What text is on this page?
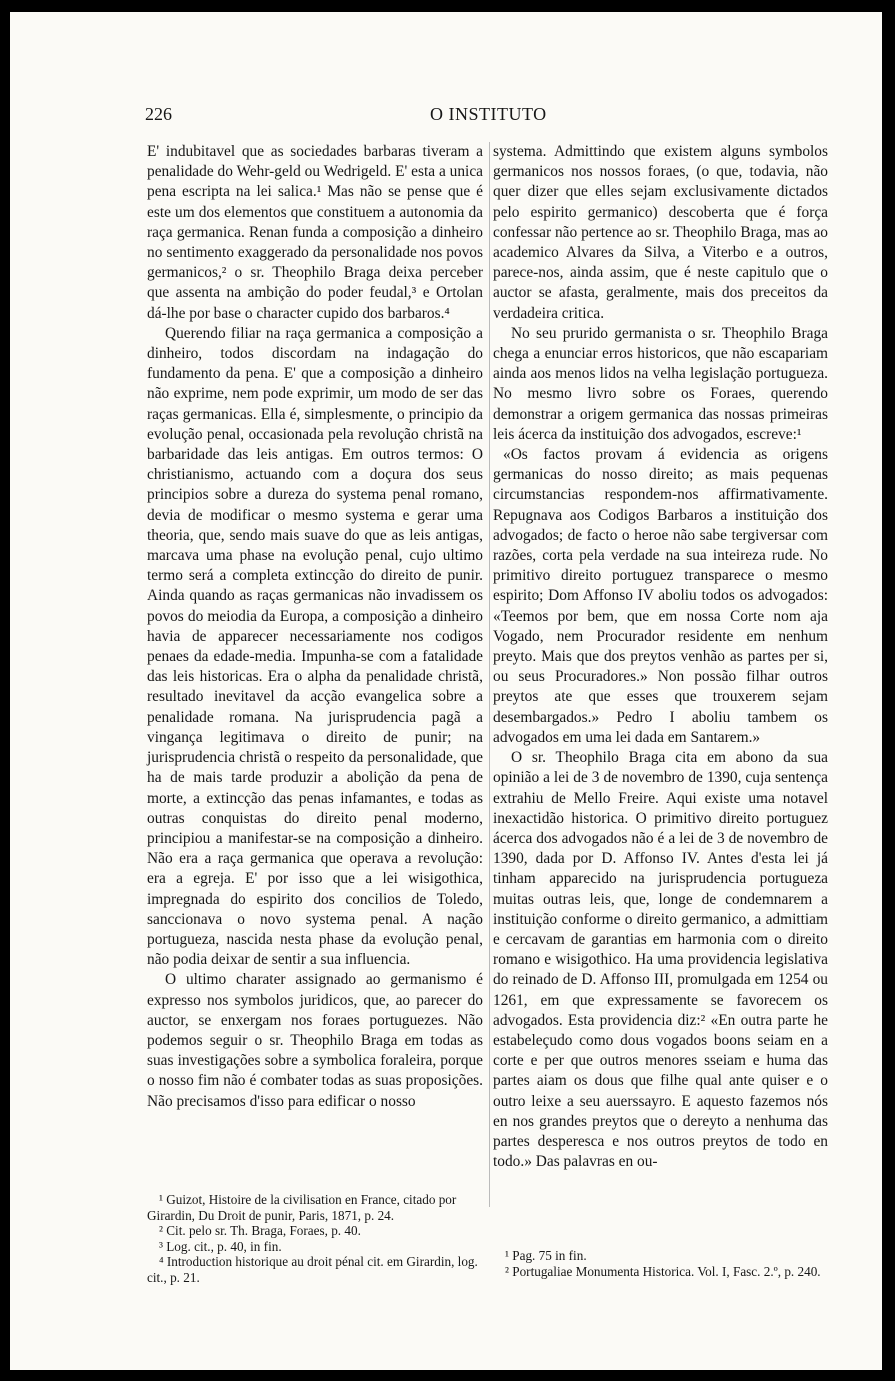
226	O INSTITUTO

E' indubitavel que as sociedades barbaras tiveram a penalidade do Wehr-geld ou Wedrigeld. E' esta a unica pena escripta na lei salica.¹ Mas não se pense que é este um dos elementos que constituem a autonomia da raça germanica. Renan funda a composição a dinheiro no sentimento exaggerado da personalidade nos povos germanicos,² o sr. Theophilo Braga deixa perceber que assenta na ambição do poder feudal,³ e Ortolan dá-lhe por base o character cupido dos barbaros.⁴

Querendo filiar na raça germanica a composição a dinheiro, todos discordam na indagação do fundamento da pena. E' que a composição a dinheiro não exprime, nem pode exprimir, um modo de ser das raças germanicas. Ella é, simplesmente, o principio da evolução penal, occasionada pela revolução christã na barbaridade das leis antigas. Em outros termos: O christianismo, actuando com a doçura dos seus principios sobre a dureza do systema penal romano, devia de modificar o mesmo systema e gerar uma theoria, que, sendo mais suave do que as leis antigas, marcava uma phase na evolução penal, cujo ultimo termo será a completa extincção do direito de punir. Ainda quando as raças germanicas não invadissem os povos do meiodia da Europa, a composição a dinheiro havia de apparecer necessariamente nos codigos penaes da edade-media. Impunha-se com a fatalidade das leis historicas. Era o alpha da penalidade christã, resultado inevitavel da acção evangelica sobre a penalidade romana. Na jurisprudencia pagã a vingança legitimava o direito de punir; na jurisprudencia christã o respeito da personalidade, que ha de mais tarde produzir a abolição da pena de morte, a extincção das penas infamantes, e todas as outras conquistas do direito penal moderno, principiou a manifestar-se na composição a dinheiro. Não era a raça germanica que operava a revolução: era a egreja. E' por isso que a lei wisigothica, impregnada do espirito dos concilios de Toledo, sanccionava o novo systema penal. A nação portugueza, nascida nesta phase da evolução penal, não podia deixar de sentir a sua influencia.

O ultimo charater assignado ao germanismo é expresso nos symbolos juridicos, que, ao parecer do auctor, se enxergam nos foraes portuguezes. Não podemos seguir o sr. Theophilo Braga em todas as suas investigações sobre a symbolica foraleira, porque o nosso fim não é combater todas as suas proposições. Não precisamos d'isso para edificar o nosso

systema. Admittindo que existem alguns symbolos germanicos nos nossos foraes, (o que, todavia, não quer dizer que elles sejam exclusivamente dictados pelo espirito germanico) descoberta que é força confessar não pertence ao sr. Theophilo Braga, mas ao academico Alvares da Silva, a Viterbo e a outros, parece-nos, ainda assim, que é neste capitulo que o auctor se afasta, geralmente, mais dos preceitos da verdadeira critica.

No seu prurido germanista o sr. Theophilo Braga chega a enunciar erros historicos, que não escapariam ainda aos menos lidos na velha legislação portugueza. No mesmo livro sobre os Foraes, querendo demonstrar a origem germanica das nossas primeiras leis ácerca da instituição dos advogados, escreve:¹

«Os factos provam á evidencia as origens germanicas do nosso direito; as mais pequenas circumstancias respondem-nos affirmativamente. Repugnava aos Codigos Barbaros a instituição dos advogados; de facto o heroe não sabe tergiversar com razões, corta pela verdade na sua inteireza rude. No primitivo direito portuguez transparece o mesmo espirito; Dom Affonso IV aboliu todos os advogados: «Teemos por bem, que em nossa Corte nom aja Vogado, nem Procurador residente em nenhum preyto. Mais que dos preytos venhão as partes per si, ou seus Procuradores.» Non possão filhar outros preytos ate que esses que trouxerem sejam desembargados.» Pedro I aboliu tambem os advogados em uma lei dada em Santarem.»

O sr. Theophilo Braga cita em abono da sua opinião a lei de 3 de novembro de 1390, cuja sentença extrahiu de Mello Freire. Aqui existe uma notavel inexactidão historica. O primitivo direito portuguez ácerca dos advogados não é a lei de 3 de novembro de 1390, dada por D. Affonso IV. Antes d'esta lei já tinham apparecido na jurisprudencia portugueza muitas outras leis, que, longe de condemnarem a instituição conforme o direito germanico, a admittiam e cercavam de garantias em harmonia com o direito romano e wisigothico. Ha uma providencia legislativa do reinado de D. Affonso III, promulgada em 1254 ou 1261, em que expressamente se favorecem os advogados. Esta providencia diz:² «En outra parte he estabeleçudo como dous vogados boons seiam en a corte e per que outros menores sseiam e huma das partes aiam os dous que filhe qual ante quiser e o outro leixe a seu auerssayro. E aquesto fazemos nós en nos grandes preytos que o dereyto a nenhuma das partes desperesca e nos outros preytos de todo en todo.» Das palavras en ou-

¹ Guizot, Histoire de la civilisation en France, citado por Girardin, Du Droit de punir, Paris, 1871, p. 24.

² Cit. pelo sr. Th. Braga, Foraes, p. 40.

³ Log. cit., p. 40, in fin.

⁴ Introduction historique au droit pénal cit. em Girardin, log. cit., p. 21.

¹ Pag. 75 in fin.

² Portugaliae Monumenta Historica. Vol. I, Fasc. 2.º, p. 240.
